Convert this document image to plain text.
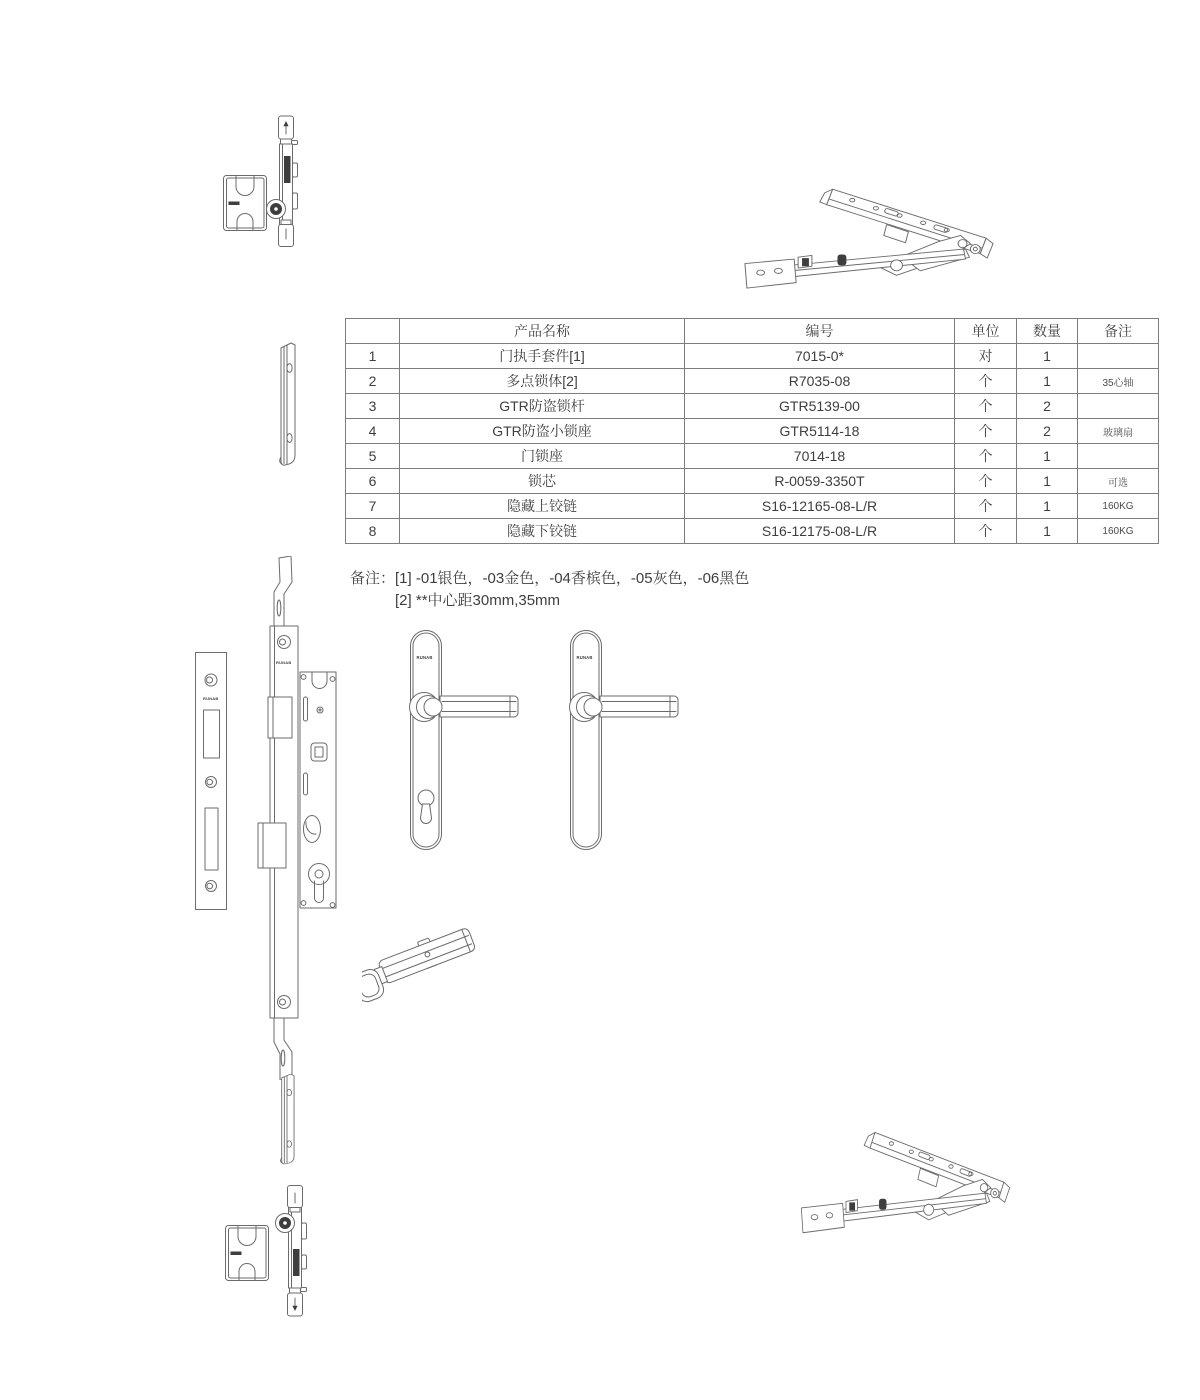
	产品名称	编号	单位	数量	备注
1	门执手套件[1]	7015-0*	对	1	
2	多点锁体[2]	R7035-08	个	1	35心轴
3	GTR防盗锁杆	GTR5139-00	个	2	
4	GTR防盗小锁座	GTR5114-18	个	2	玻璃扇
5	门锁座	7014-18	个	1	
6	锁芯	R-0059-3350T	个	1	可选
7	隐藏上铰链	S16-12165-08-L/R	个	1	160KG
8	隐藏下铰链	S16-12175-08-L/R	个	1	160KG
备注： [1] -01银色，-03金色，-04香槟色，-05灰色，-06黑色
[2] **中心距30mm,35mm
RUNAB
RUNAB
RUNAB	RUNAB
